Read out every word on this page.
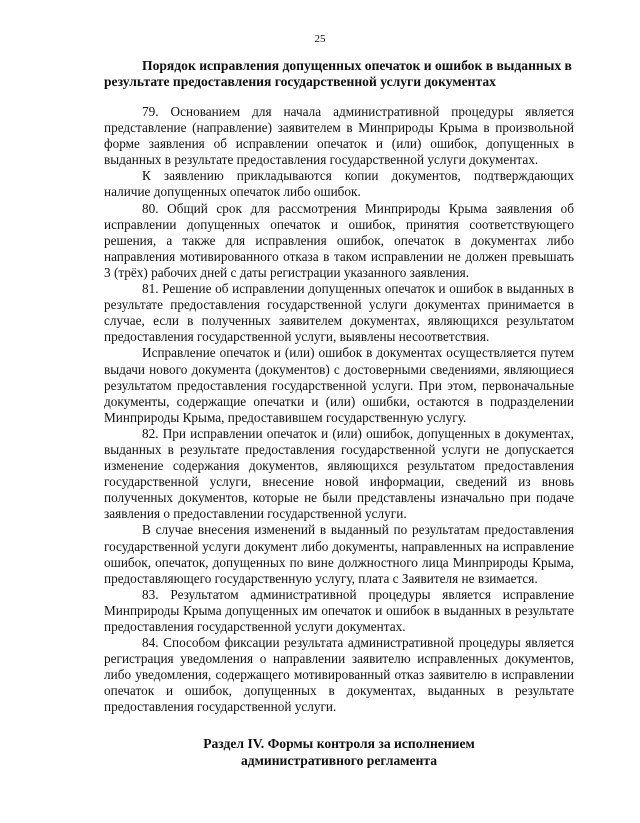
25
Порядок исправления допущенных опечаток и ошибок в выданных в
результате предоставления государственной услуги документах

79. Основанием для начала административной процедуры является представление (направление) заявителем в Минприроды Крыма в произвольной форме заявления об исправлении опечаток и (или) ошибок, допущенных в выданных в результате предоставления государственной услуги документах.

К заявлению прикладываются копии документов, подтверждающих наличие допущенных опечаток либо ошибок.

80. Общий срок для рассмотрения Минприроды Крыма заявления об исправлении допущенных опечаток и ошибок, принятия соответствующего решения, а также для исправления ошибок, опечаток в документах либо направления мотивированного отказа в таком исправлении не должен превышать 3 (трёх) рабочих дней с даты регистрации указанного заявления.

81. Решение об исправлении допущенных опечаток и ошибок в выданных в результате предоставления государственной услуги документах принимается в случае, если в полученных заявителем документах, являющихся результатом предоставления государственной услуги, выявлены несоответствия.

Исправление опечаток и (или) ошибок в документах осуществляется путем выдачи нового документа (документов) с достоверными сведениями, являющиеся результатом предоставления государственной услуги. При этом, первоначальные документы, содержащие опечатки и (или) ошибки, остаются в подразделении Минприроды Крыма, предоставившем государственную услугу.

82. При исправлении опечаток и (или) ошибок, допущенных в документах, выданных в результате предоставления государственной услуги не допускается изменение содержания документов, являющихся результатом предоставления государственной услуги, внесение новой информации, сведений из вновь полученных документов, которые не были представлены изначально при подаче заявления о предоставлении государственной услуги.

В случае внесения изменений в выданный по результатам предоставления государственной услуги документ либо документы, направленных на исправление ошибок, опечаток, допущенных по вине должностного лица Минприроды Крыма, предоставляющего государственную услугу, плата с Заявителя не взимается.

83. Результатом административной процедуры является исправление Минприроды Крыма допущенных им опечаток и ошибок в выданных в результате предоставления государственной услуги документах.

84. Способом фиксации результата административной процедуры является регистрация уведомления о направлении заявителю исправленных документов, либо уведомления, содержащего мотивированный отказ заявителю в исправлении опечаток и ошибок, допущенных в документах, выданных в результате предоставления государственной услуги.

Раздел IV. Формы контроля за исполнением
административного регламента
